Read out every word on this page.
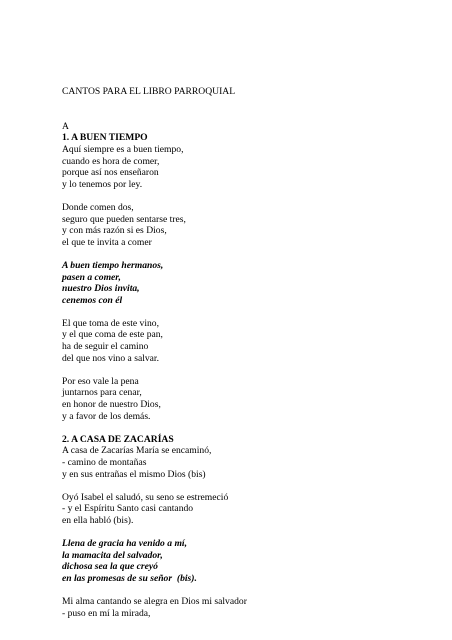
CANTOS PARA EL LIBRO PARROQUIAL
A
1. A BUEN TIEMPO
Aquí siempre es a buen tiempo,
cuando es hora de comer,
porque así nos enseñaron
y lo tenemos por ley.
Donde comen dos,
seguro que pueden sentarse tres,
y con más razón si es Dios,
el que te invita a comer
A buen tiempo hermanos,
pasen a comer,
nuestro Dios invita,
cenemos con él
El que toma de este vino,
y el que coma de este pan,
ha de seguir el camino
del que nos vino a salvar.
Por eso vale la pena
juntarnos para cenar,
en honor de nuestro Dios,
y a favor de los demás.
2. A CASA DE ZACARÍAS
A casa de Zacarías María se encaminó,
- camino de montañas
y en sus entrañas el mismo Dios (bis)
Oyó Isabel el saludó, su seno se estremeció
- y el Espíritu Santo casi cantando
en ella habló (bis).
Llena de gracia ha venido a mí,
la mamacita del salvador,
dichosa sea la que creyó
en las promesas de su señor  (bis).
Mi alma cantando se alegra en Dios mi salvador
- puso en mí la mirada,
